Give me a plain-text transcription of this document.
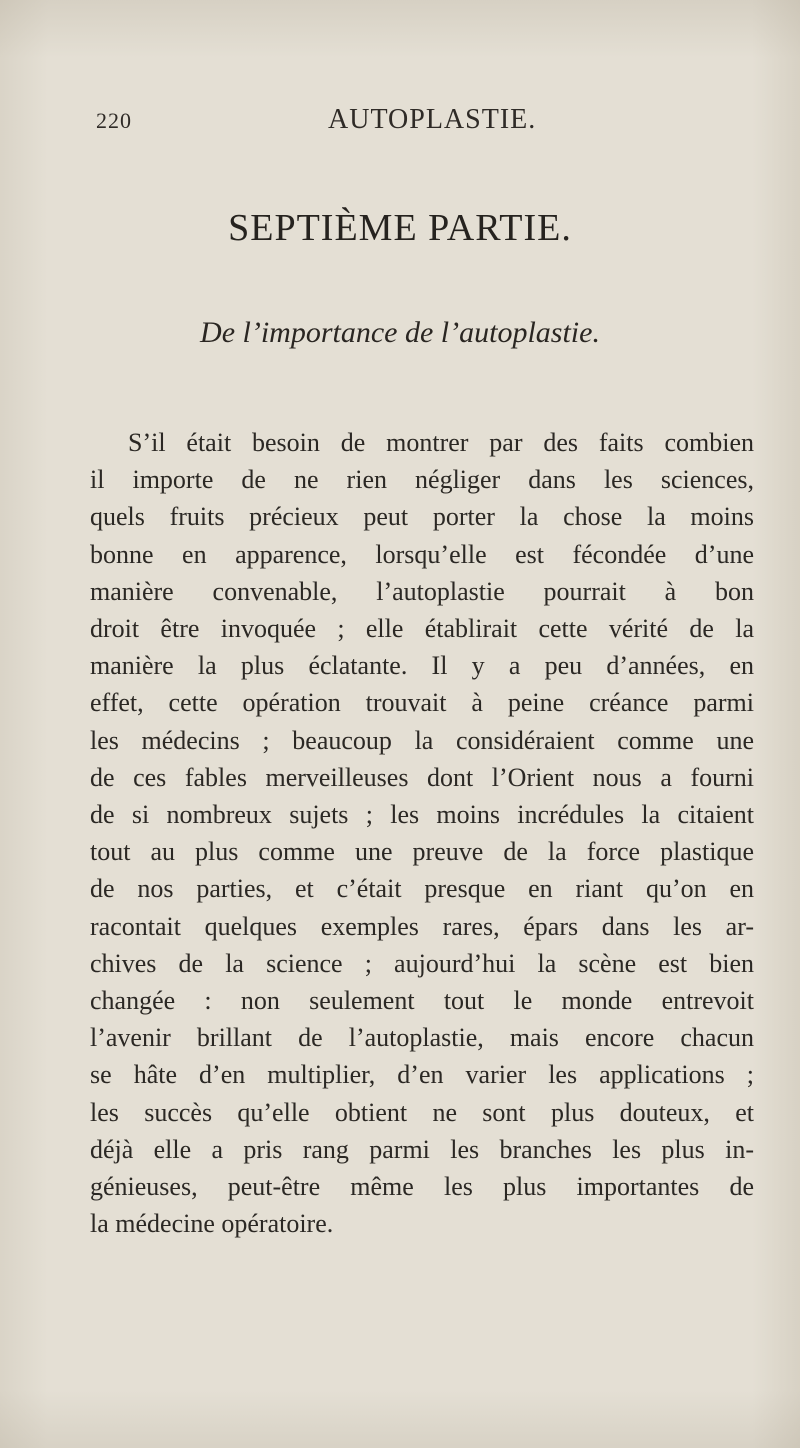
220	AUTOPLASTIE.
SEPTIÈME PARTIE.
De l’importance de l’autoplastie.
S’il était besoin de montrer par des faits combien
il importe de ne rien négliger dans les sciences,
quels fruits précieux peut porter la chose la moins
bonne en apparence, lorsqu’elle est fécondée d’une
manière convenable, l’autoplastie pourrait à bon
droit être invoquée ; elle établirait cette vérité de la
manière la plus éclatante. Il y a peu d’années, en
effet, cette opération trouvait à peine créance parmi
les médecins ; beaucoup la considéraient comme une
de ces fables merveilleuses dont l’Orient nous a fourni
de si nombreux sujets ; les moins incrédules la citaient
tout au plus comme une preuve de la force plastique
de nos parties, et c’était presque en riant qu’on en
racontait quelques exemples rares, épars dans les ar-
chives de la science ; aujourd’hui la scène est bien
changée : non seulement tout le monde entrevoit
l’avenir brillant de l’autoplastie, mais encore chacun
se hâte d’en multiplier, d’en varier les applications ;
les succès qu’elle obtient ne sont plus douteux, et
déjà elle a pris rang parmi les branches les plus in-
génieuses, peut-être même les plus importantes de
la médecine opératoire.
